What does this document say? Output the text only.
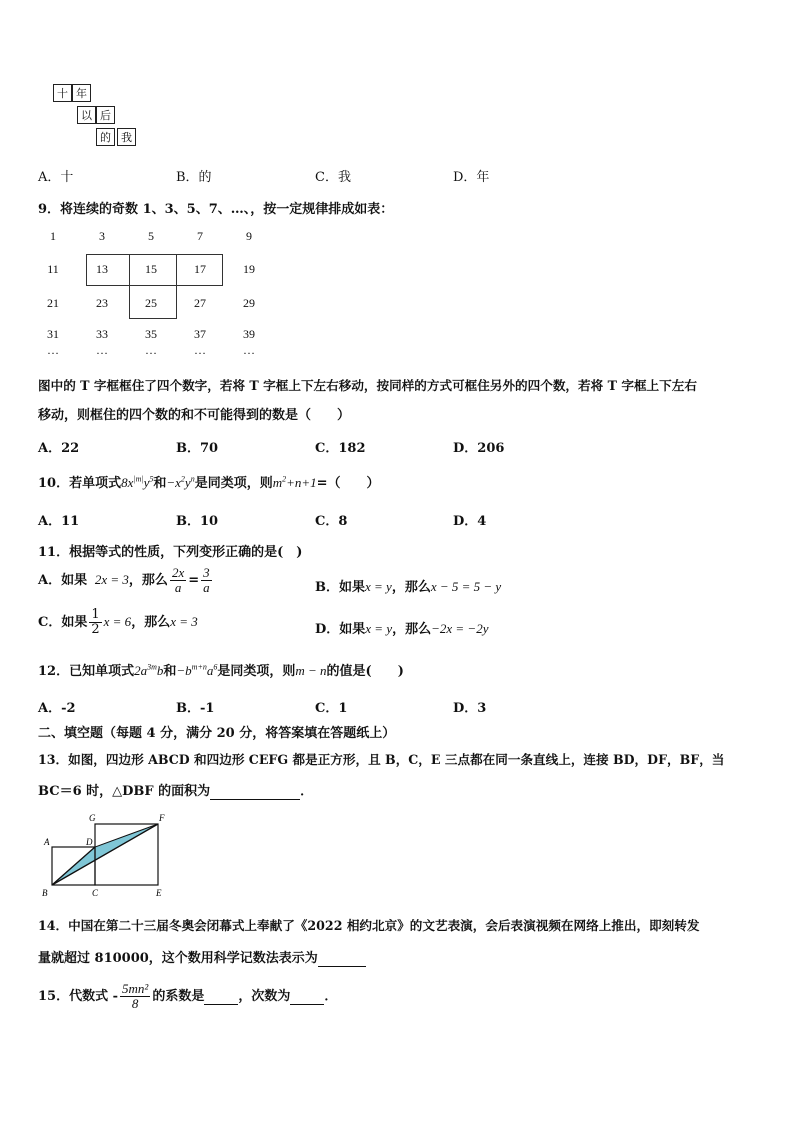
十 年
以 后
的 我
A．十	B．的	C．我	D．年
9．将连续的奇数 1、3、5、7、…、，按一定规律排成如表：
1	3	5	7	9
11	13	15	17	19
21	23	25	27	29
31	33	35	37	39
…	…	…	…	…
图中的 T 字框框住了四个数字，若将 T 字框上下左右移动，按同样的方式可框住另外的四个数，若将 T 字框上下左右
移动，则框住的四个数的和不可能得到的数是（　　）
A．22	B．70	C．182	D．206
10．若单项式$8x^{|m|}y^5$和$-x^2y^n$是同类项，则$m^2+n+1=$（　　）
A．11	B．10	C．8	D．4
11．根据等式的性质，下列变形正确的是(　)
A．如果  2x = 3，那么 $\frac{2x}{a} = \frac{3}{a}$	B．如果x = y，那么x − 5 = 5 − y
C．如果 $\frac{1}{2}$ x = 6，那么x = 3
D．如果x = y，那么−2x = −2y
12．已知单项式$2a^{3m}b$和$-b^{m+n}a^6$是同类项，则m − n的值是(　　)
A．-2	B．-1	C．1	D．3
二、填空题（每题 4 分，满分 20 分，将答案填在答题纸上）
13．如图，四边形 ABCD 和四边形 CEFG 都是正方形，且 B，C，E 三点都在同一条直线上，连接 BD，DF，BF，当
BC＝6 时，△DBF 的面积为	．
G	F
A	D
B	C	E
14．中国在第二十三届冬奥会闭幕式上奉献了《2022 相约北京》的文艺表演，会后表演视频在网络上推出，即刻转发
量就超过 810000，这个数用科学记数法表示为
15．代数式 - $\frac{\text{5mn²}}{8}$ 的系数是	，次数为	．
